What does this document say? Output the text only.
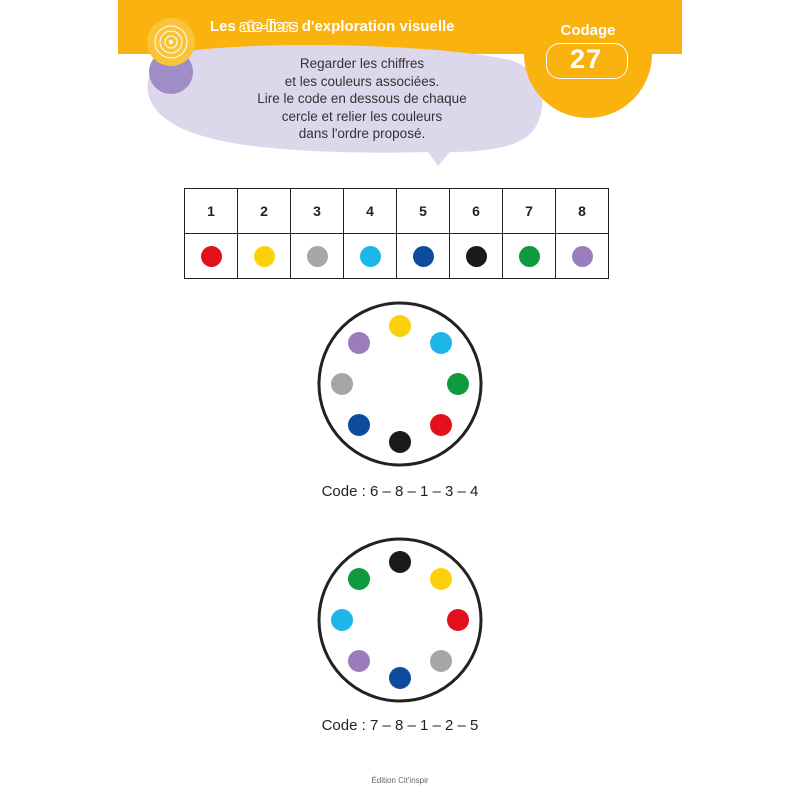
Les ate-liers d'exploration visuelle
Regarder les chiffres
et les couleurs associées.
Lire le code en dessous de chaque
cercle et relier les couleurs
dans l'ordre proposé.
Codage
27
1	2	3	4	5	6	7	8

Code : 6 – 8 – 1 – 3 – 4
Code : 7 – 8 – 1 – 2 – 5
Édition Cit'inspir
